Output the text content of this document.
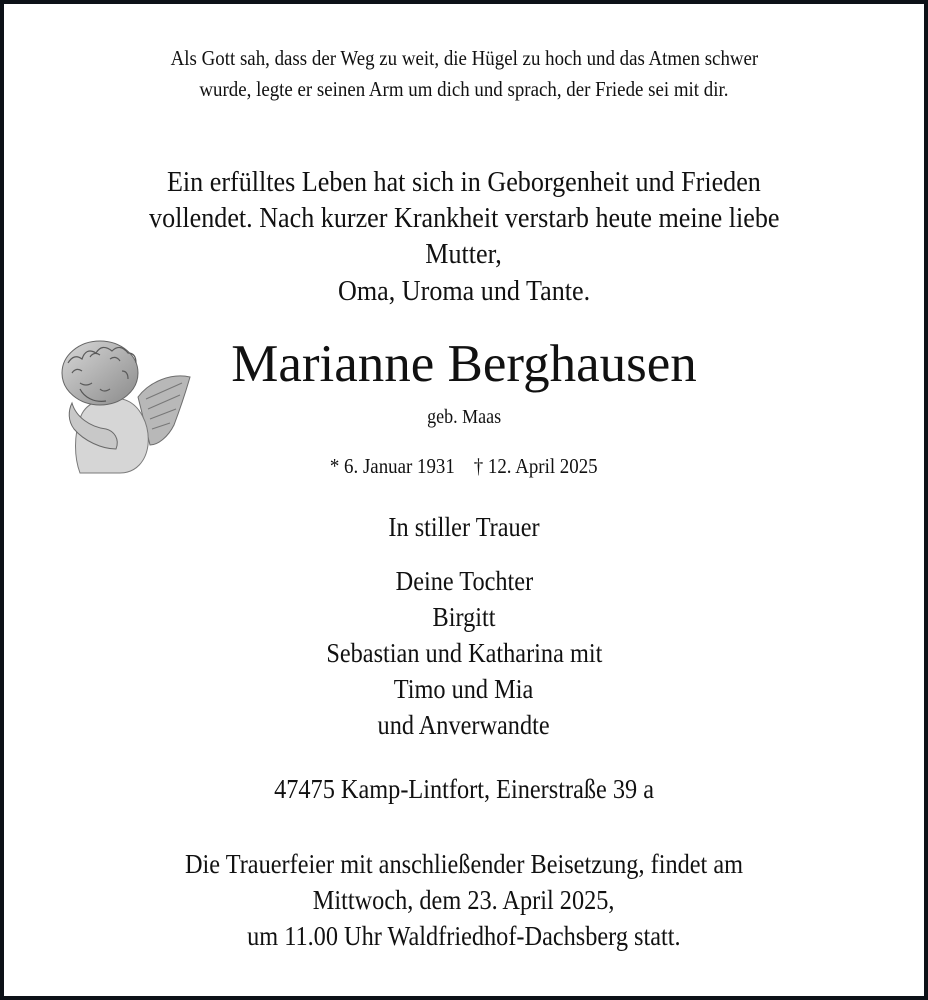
Als Gott sah, dass der Weg zu weit, die Hügel zu hoch und das Atmen schwer
wurde, legte er seinen Arm um dich und sprach, der Friede sei mit dir.
Ein erfülltes Leben hat sich in Geborgenheit und Frieden
vollendet. Nach kurzer Krankheit verstarb heute meine liebe
Mutter,
Oma, Uroma und Tante.
Marianne Berghausen
geb. Maas
* 6. Januar 1931 † 12. April 2025
In stiller Trauer
Deine Tochter
Birgitt
Sebastian und Katharina mit
Timo und Mia
und Anverwandte
47475 Kamp-Lintfort, Einerstraße 39 a
Die Trauerfeier mit anschließender Beisetzung, findet am
Mittwoch, dem 23. April 2025,
um 11.00 Uhr Waldfriedhof-Dachsberg statt.
